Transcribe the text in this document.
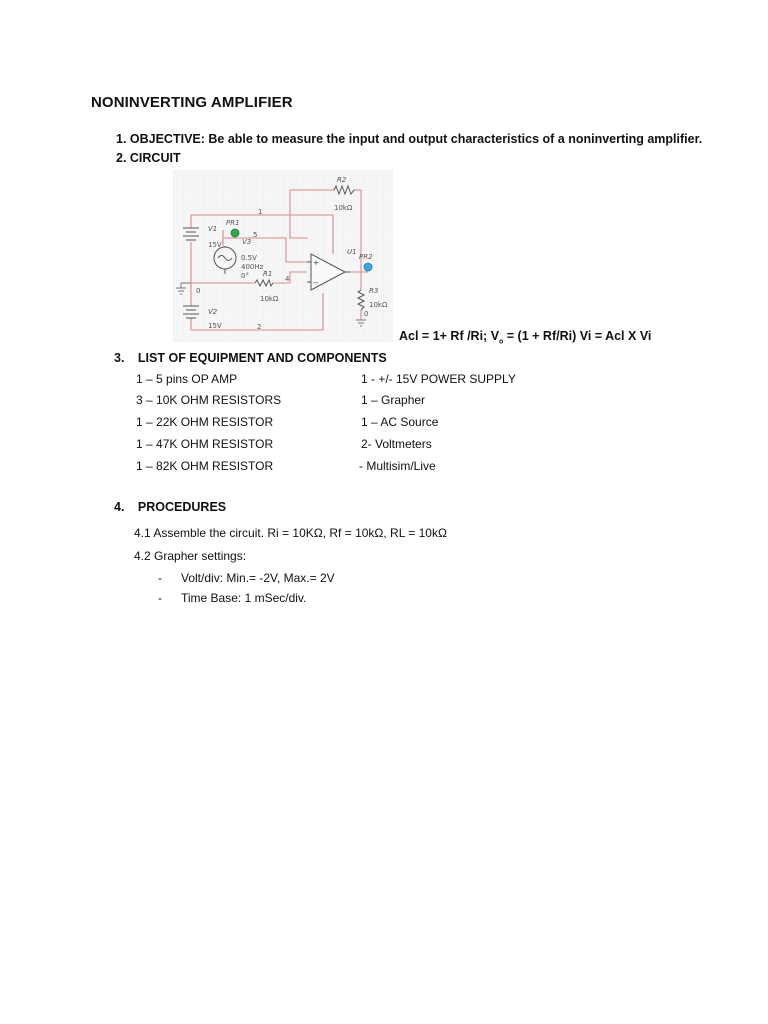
NONINVERTING AMPLIFIER
1. OBJECTIVE: Be able to measure the input and output characteristics of a noninverting amplifier.
2. CIRCUIT
+
−
R2
V1
PR1
V3
R1
U1
PR2
R3
V2
10kΩ
15V
1
5
0.5V
400Hz
0°
10kΩ
4
0
10kΩ
0
15V	2
Acl = 1+ Rf /Ri; $V_o = (1 + Rf/Ri) Vi$ = Acl X Vi
3. LIST OF EQUIPMENT AND COMPONENTS
1 – 5 pins OP AMP
3 – 10K OHM RESISTORS
1 – 22K OHM RESISTOR
1 – 47K OHM RESISTOR
1 – 82K OHM RESISTOR
1 - +/- 15V POWER SUPPLY
1 – Grapher
1 – AC Source
2- Voltmeters
- Multisim/Live
4. PROCEDURES
4.1 Assemble the circuit. Ri = 10KΩ, Rf = 10kΩ, RL = 10kΩ
4.2 Grapher settings:
- Volt/div: Min.= -2V, Max.= 2V
- Time Base: 1 mSec/div.
